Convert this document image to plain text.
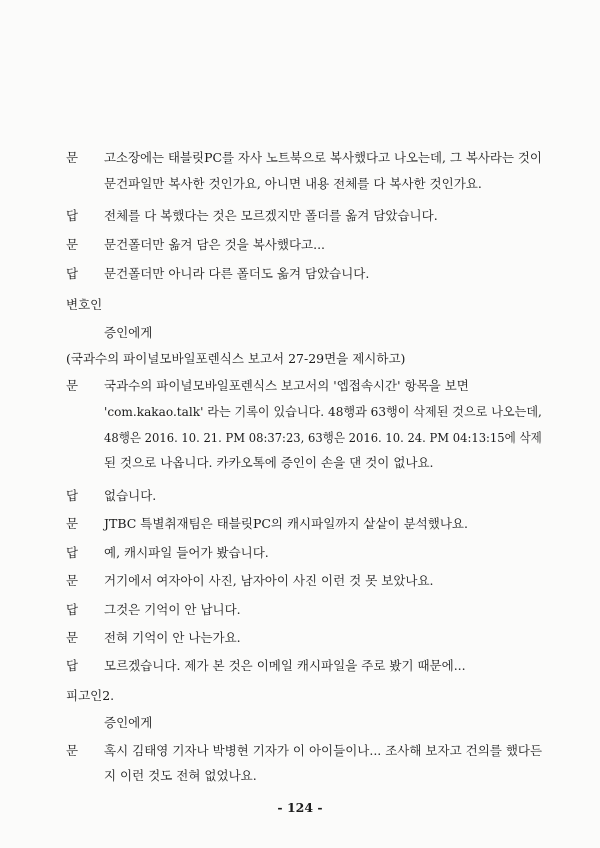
문 고소장에는 태블릿PC를 자사 노트북으로 복사했다고 나오는데, 그 복사라는 것이
문건파일만 복사한 것인가요, 아니면 내용 전체를 다 복사한 것인가요.
답 전체를 다 복했다는 것은 모르겠지만 폴더를 옮겨 담았습니다.
문 문건폴더만 옮겨 담은 것을 복사했다고...
답 문건폴더만 아니라 다른 폴더도 옮겨 담았습니다.
변호인
증인에게
(국과수의 파이널모바일포렌식스 보고서 27-29면을 제시하고)
문 국과수의 파이널모바일포렌식스 보고서의 '엡접속시간' 항목을 보면
'com.kakao.talk' 라는 기록이 있습니다. 48행과 63행이 삭제된 것으로 나오는데,
48행은 2016. 10. 21. PM 08:37:23, 63행은 2016. 10. 24. PM 04:13:15에 삭제
된 것으로 나옵니다. 카카오톡에 증인이 손을 댄 것이 없나요.
답 없습니다.
문 JTBC 특별취재팀은 태블릿PC의 캐시파일까지 샅샅이 분석했나요.
답 예, 캐시파일 들어가 봤습니다.
문 거기에서 여자아이 사진, 남자아이 사진 이런 것 못 보았나요.
답 그것은 기억이 안 납니다.
문 전혀 기억이 안 나는가요.
답 모르겠습니다. 제가 본 것은 이메일 캐시파일을 주로 봤기 때문에...
피고인2.
증인에게
문 혹시 김태영 기자나 박병현 기자가 이 아이들이나... 조사해 보자고 건의를 했다든
지 이런 것도 전혀 없었나요.
- 124 -
